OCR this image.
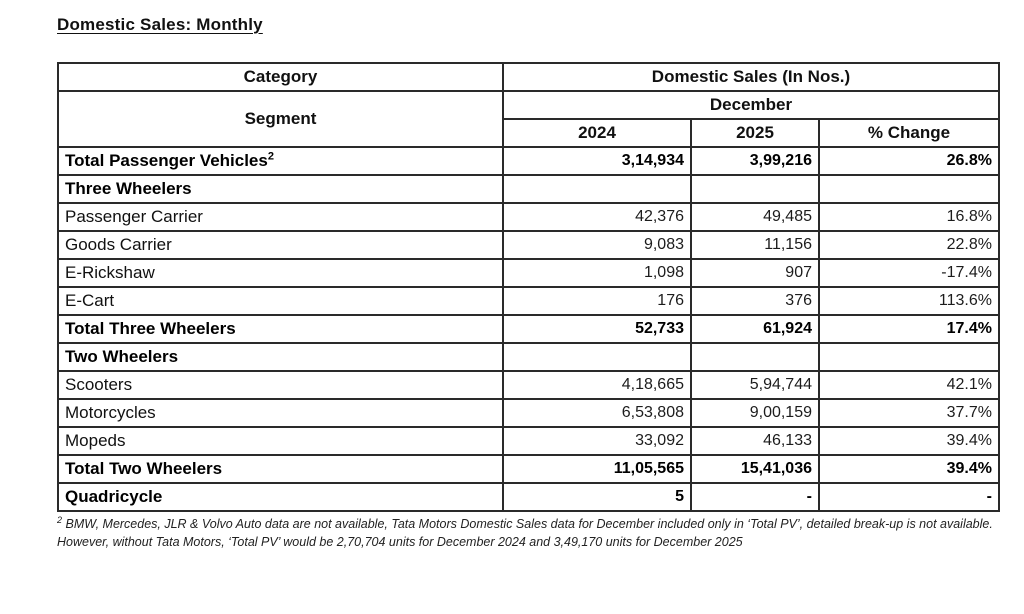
Domestic Sales: Monthly
Category	Domestic Sales (In Nos.)		
Segment	December		
	2024	2025	% Change
Total Passenger Vehicles$^2$	3,14,934	3,99,216	26.8%
Three Wheelers			
Passenger Carrier	42,376	49,485	16.8%
Goods Carrier	9,083	11,156	22.8%
E-Rickshaw	1,098	907	-17.4%
E-Cart	176	376	113.6%
Total Three Wheelers	52,733	61,924	17.4%
Two Wheelers			
Scooters	4,18,665	5,94,744	42.1%
Motorcycles	6,53,808	9,00,159	37.7%
Mopeds	33,092	46,133	39.4%
Total Two Wheelers	11,05,565	15,41,036	39.4%
Quadricycle	5	-	-

$^2$ BMW, Mercedes, JLR & Volvo Auto data are not available, Tata Motors Domestic Sales data for December included only in ‘Total PV’, detailed break-up is not available. However, without Tata Motors, ‘Total PV’ would be 2,70,704 units for December 2024 and 3,49,170 units for December 2025
